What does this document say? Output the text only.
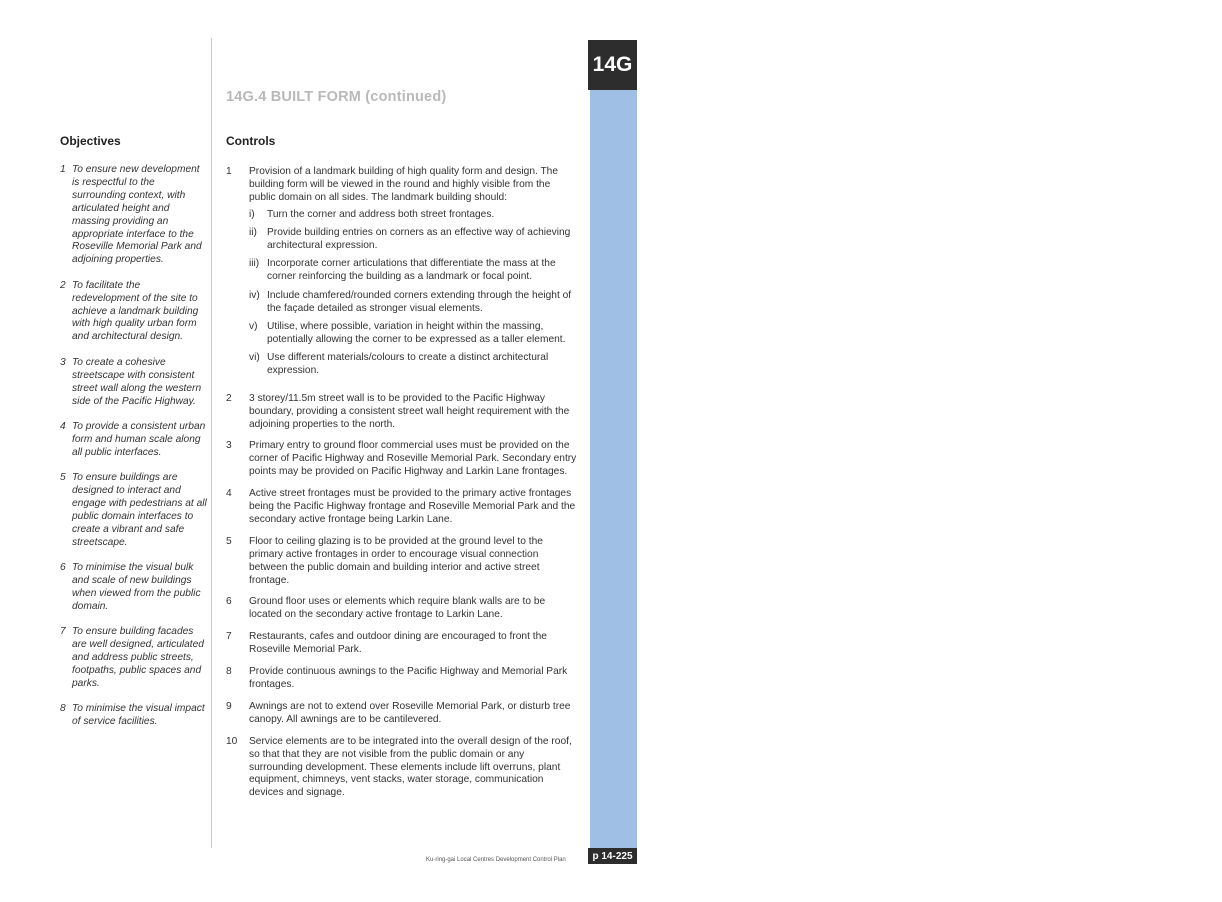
14G.4 BUILT FORM (continued)
Objectives	Controls
1 To ensure new development is respectful to the surrounding context, with articulated height and massing providing an appropriate interface to the Roseville Memorial Park and adjoining properties.
2 To facilitate the redevelopment of the site to achieve a landmark building with high quality urban form and architectural design.
3 To create a cohesive streetscape with consistent street wall along the western side of the Pacific Highway.
4 To provide a consistent urban form and human scale along all public interfaces.
5 To ensure buildings are designed to interact and engage with pedestrians at all public domain interfaces to create a vibrant and safe streetscape.
6 To minimise the visual bulk and scale of new buildings when viewed from the public domain.
7 To ensure building facades are well designed, articulated and address public streets, footpaths, public spaces and parks.
8 To minimise the visual impact of service facilities.
1	Provision of a landmark building of high quality form and design. The building form will be viewed in the round and highly visible from the public domain on all sides. The landmark building should:
i)	Turn the corner and address both street frontages.
ii) Provide building entries on corners as an effective way of achieving architectural expression.
iii) Incorporate corner articulations that differentiate the mass at the corner reinforcing the building as a landmark or focal point.
iv) Include chamfered/rounded corners extending through the height of the façade detailed as stronger visual elements.
v) Utilise, where possible, variation in height within the massing, potentially allowing the corner to be expressed as a taller element.
vi) Use different materials/colours to create a distinct architectural expression.
2	3 storey/11.5m street wall is to be provided to the Pacific Highway boundary, providing a consistent street wall height requirement with the adjoining properties to the north.
3	Primary entry to ground floor commercial uses must be provided on the corner of Pacific Highway and Roseville Memorial Park. Secondary entry points may be provided on Pacific Highway and Larkin Lane frontages.
4	Active street frontages must be provided to the primary active frontages being the Pacific Highway frontage and Roseville Memorial Park and the secondary active frontage being Larkin Lane.
5	Floor to ceiling glazing is to be provided at the ground level to the primary active frontages in order to encourage visual connection between the public domain and building interior and active street frontage.
6	Ground floor uses or elements which require blank walls are to be located on the secondary active frontage to Larkin Lane.
7	Restaurants, cafes and outdoor dining are encouraged to front the Roseville Memorial Park.
8	Provide continuous awnings to the Pacific Highway and Memorial Park frontages.
9	Awnings are not to extend over Roseville Memorial Park, or disturb tree canopy. All awnings are to be cantilevered.
10	Service elements are to be integrated into the overall design of the roof, so that that they are not visible from the public domain or any surrounding development. These elements include lift overruns, plant equipment, chimneys, vent stacks, water storage, communication devices and signage.	PART 62 & 64-66 PACIFIC HIGHWAY
14G
Ku-ring-gai Local Centres Development Control Plan	p 14-225
